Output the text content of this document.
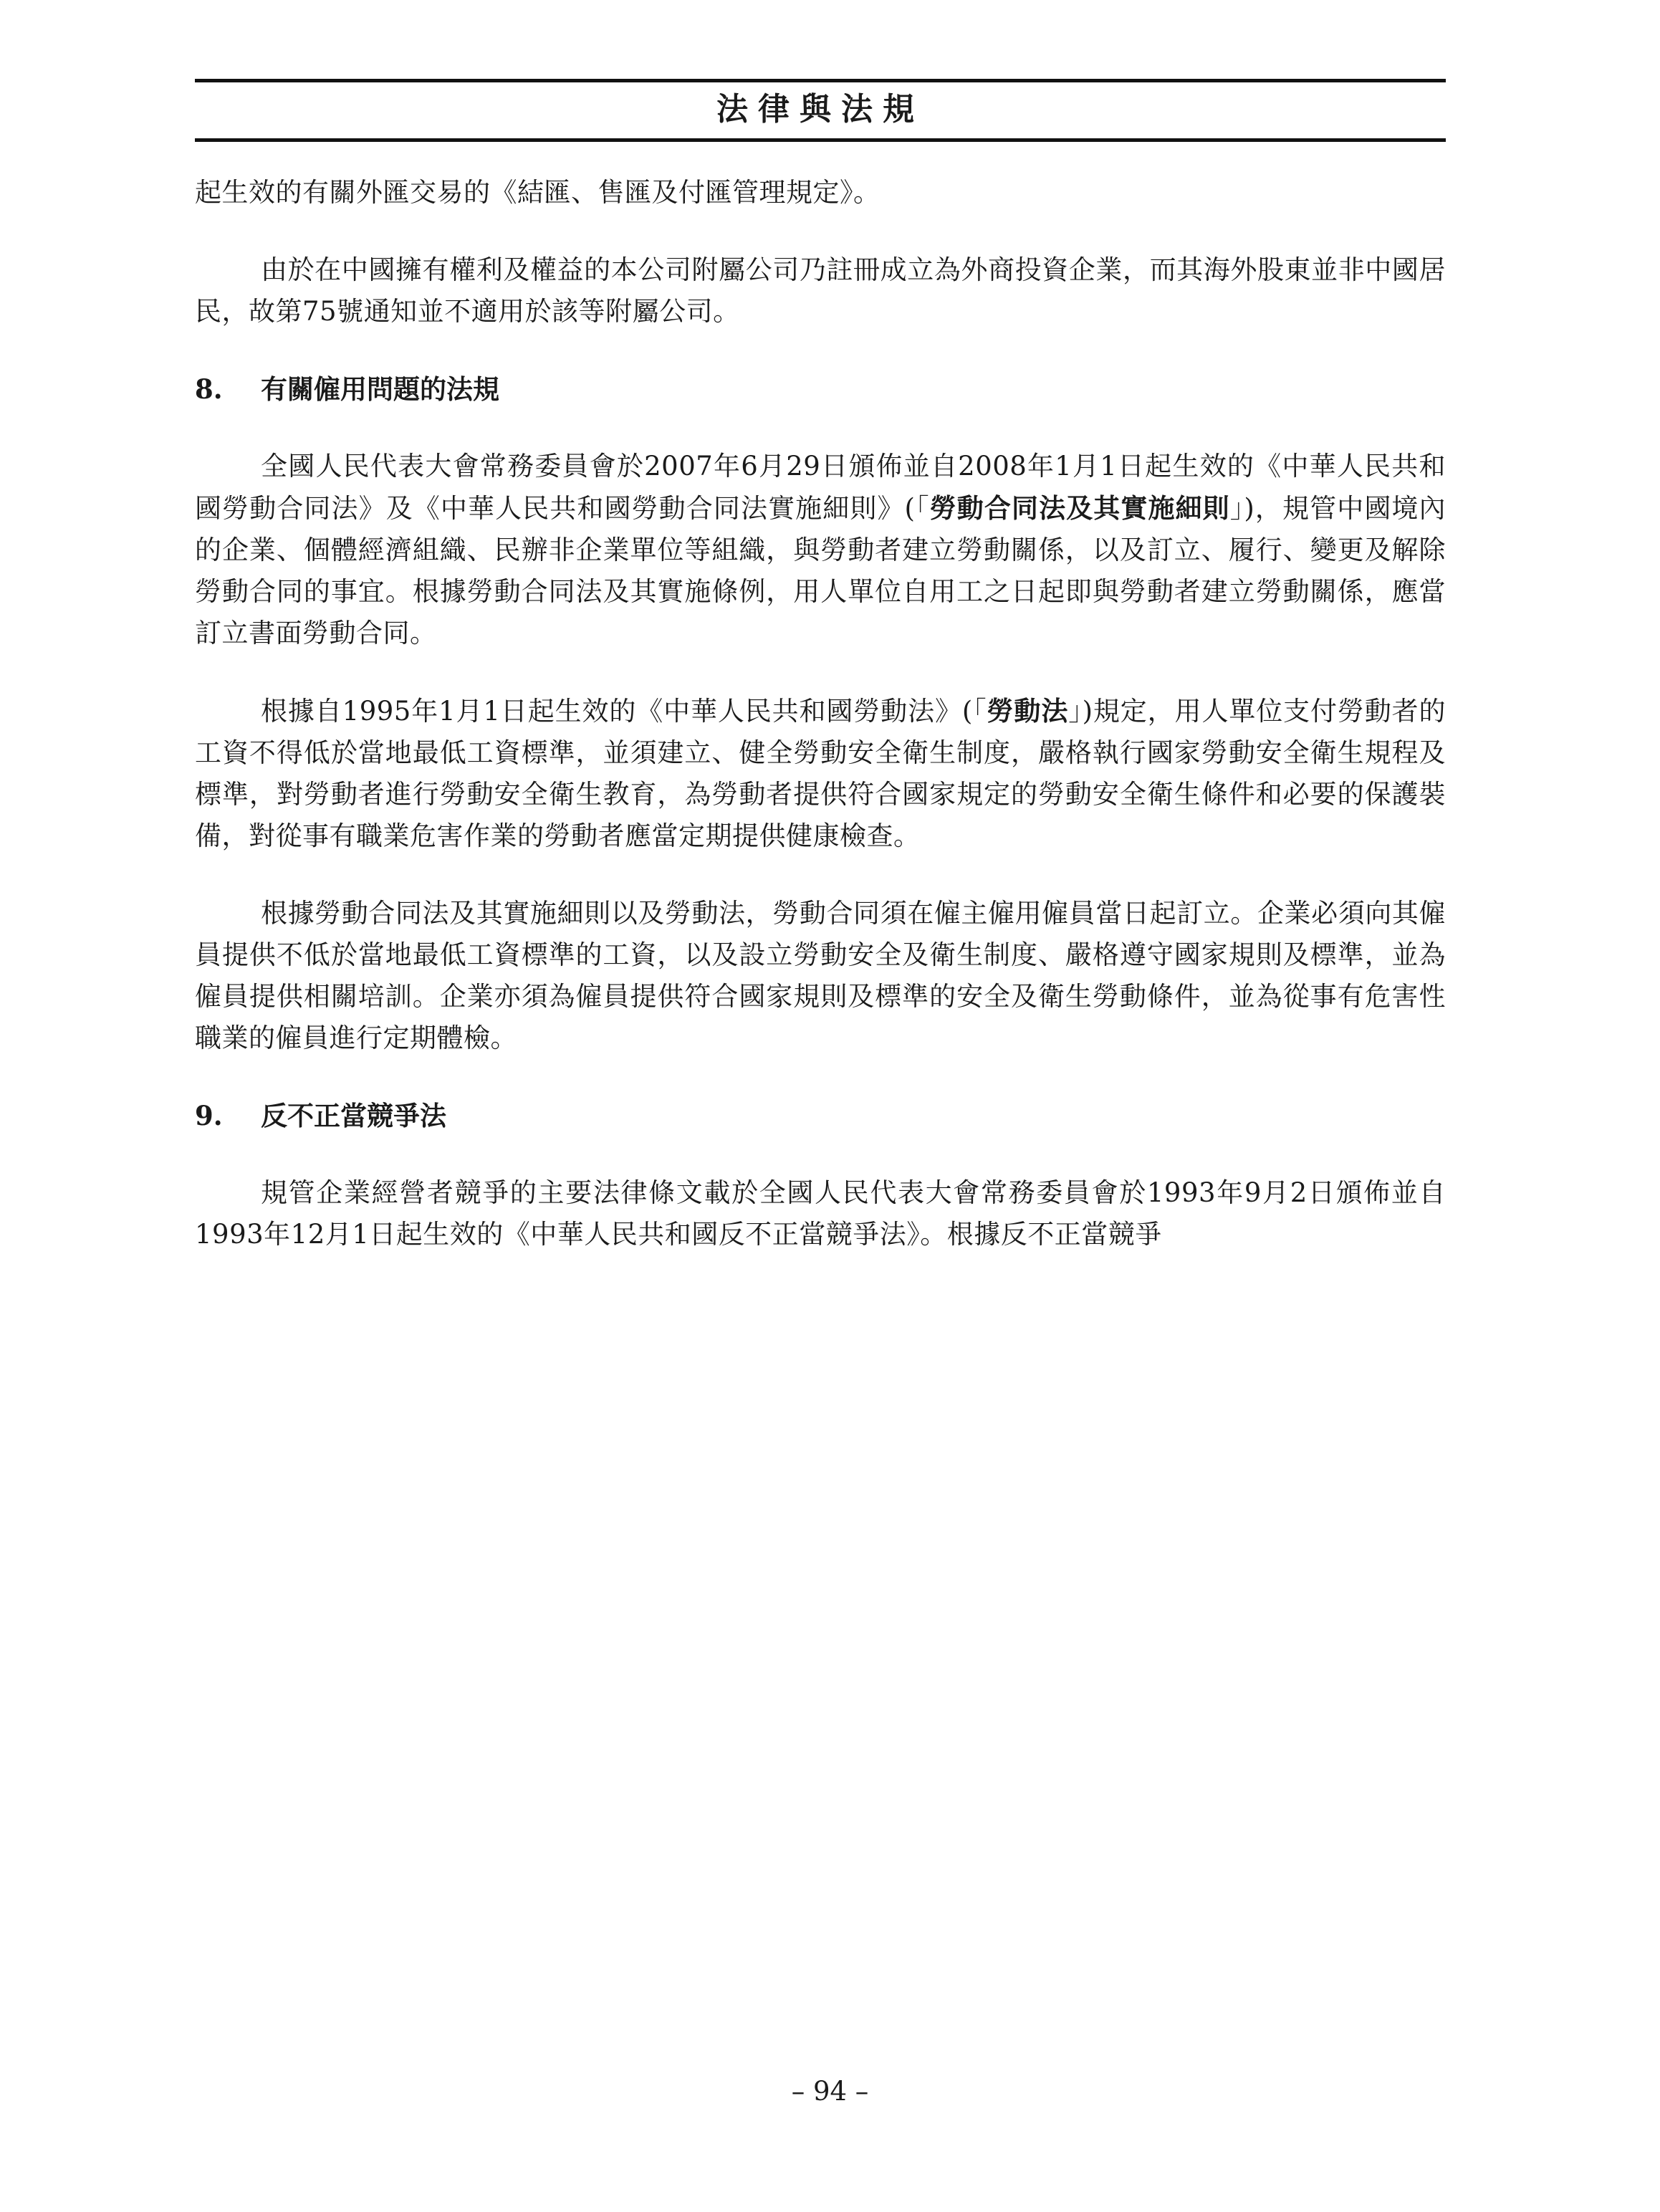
法律與法規

起生效的有關外匯交易的《結匯、售匯及付匯管理規定》。

由於在中國擁有權利及權益的本公司附屬公司乃註冊成立為外商投資企業，而其海外股東並非中國居民，故第75號通知並不適用於該等附屬公司。

8.	有關僱用問題的法規

全國人民代表大會常務委員會於2007年6月29日頒佈並自2008年1月1日起生效的《中華人民共和國勞動合同法》及《中華人民共和國勞動合同法實施細則》(「勞動合同法及其實施細則」)，規管中國境內的企業、個體經濟組織、民辦非企業單位等組織，與勞動者建立勞動關係，以及訂立、履行、變更及解除勞動合同的事宜。根據勞動合同法及其實施條例，用人單位自用工之日起即與勞動者建立勞動關係，應當訂立書面勞動合同。

根據自1995年1月1日起生效的《中華人民共和國勞動法》(「勞動法」)規定，用人單位支付勞動者的工資不得低於當地最低工資標準，並須建立、健全勞動安全衛生制度，嚴格執行國家勞動安全衛生規程及標準，對勞動者進行勞動安全衛生教育，為勞動者提供符合國家規定的勞動安全衛生條件和必要的保護裝備，對從事有職業危害作業的勞動者應當定期提供健康檢查。

根據勞動合同法及其實施細則以及勞動法，勞動合同須在僱主僱用僱員當日起訂立。企業必須向其僱員提供不低於當地最低工資標準的工資，以及設立勞動安全及衛生制度、嚴格遵守國家規則及標準，並為僱員提供相關培訓。企業亦須為僱員提供符合國家規則及標準的安全及衛生勞動條件，並為從事有危害性職業的僱員進行定期體檢。

9.	反不正當競爭法

規管企業經營者競爭的主要法律條文載於全國人民代表大會常務委員會於1993年9月2日頒佈並自1993年12月1日起生效的《中華人民共和國反不正當競爭法》。根據反不正當競爭

– 94 –
